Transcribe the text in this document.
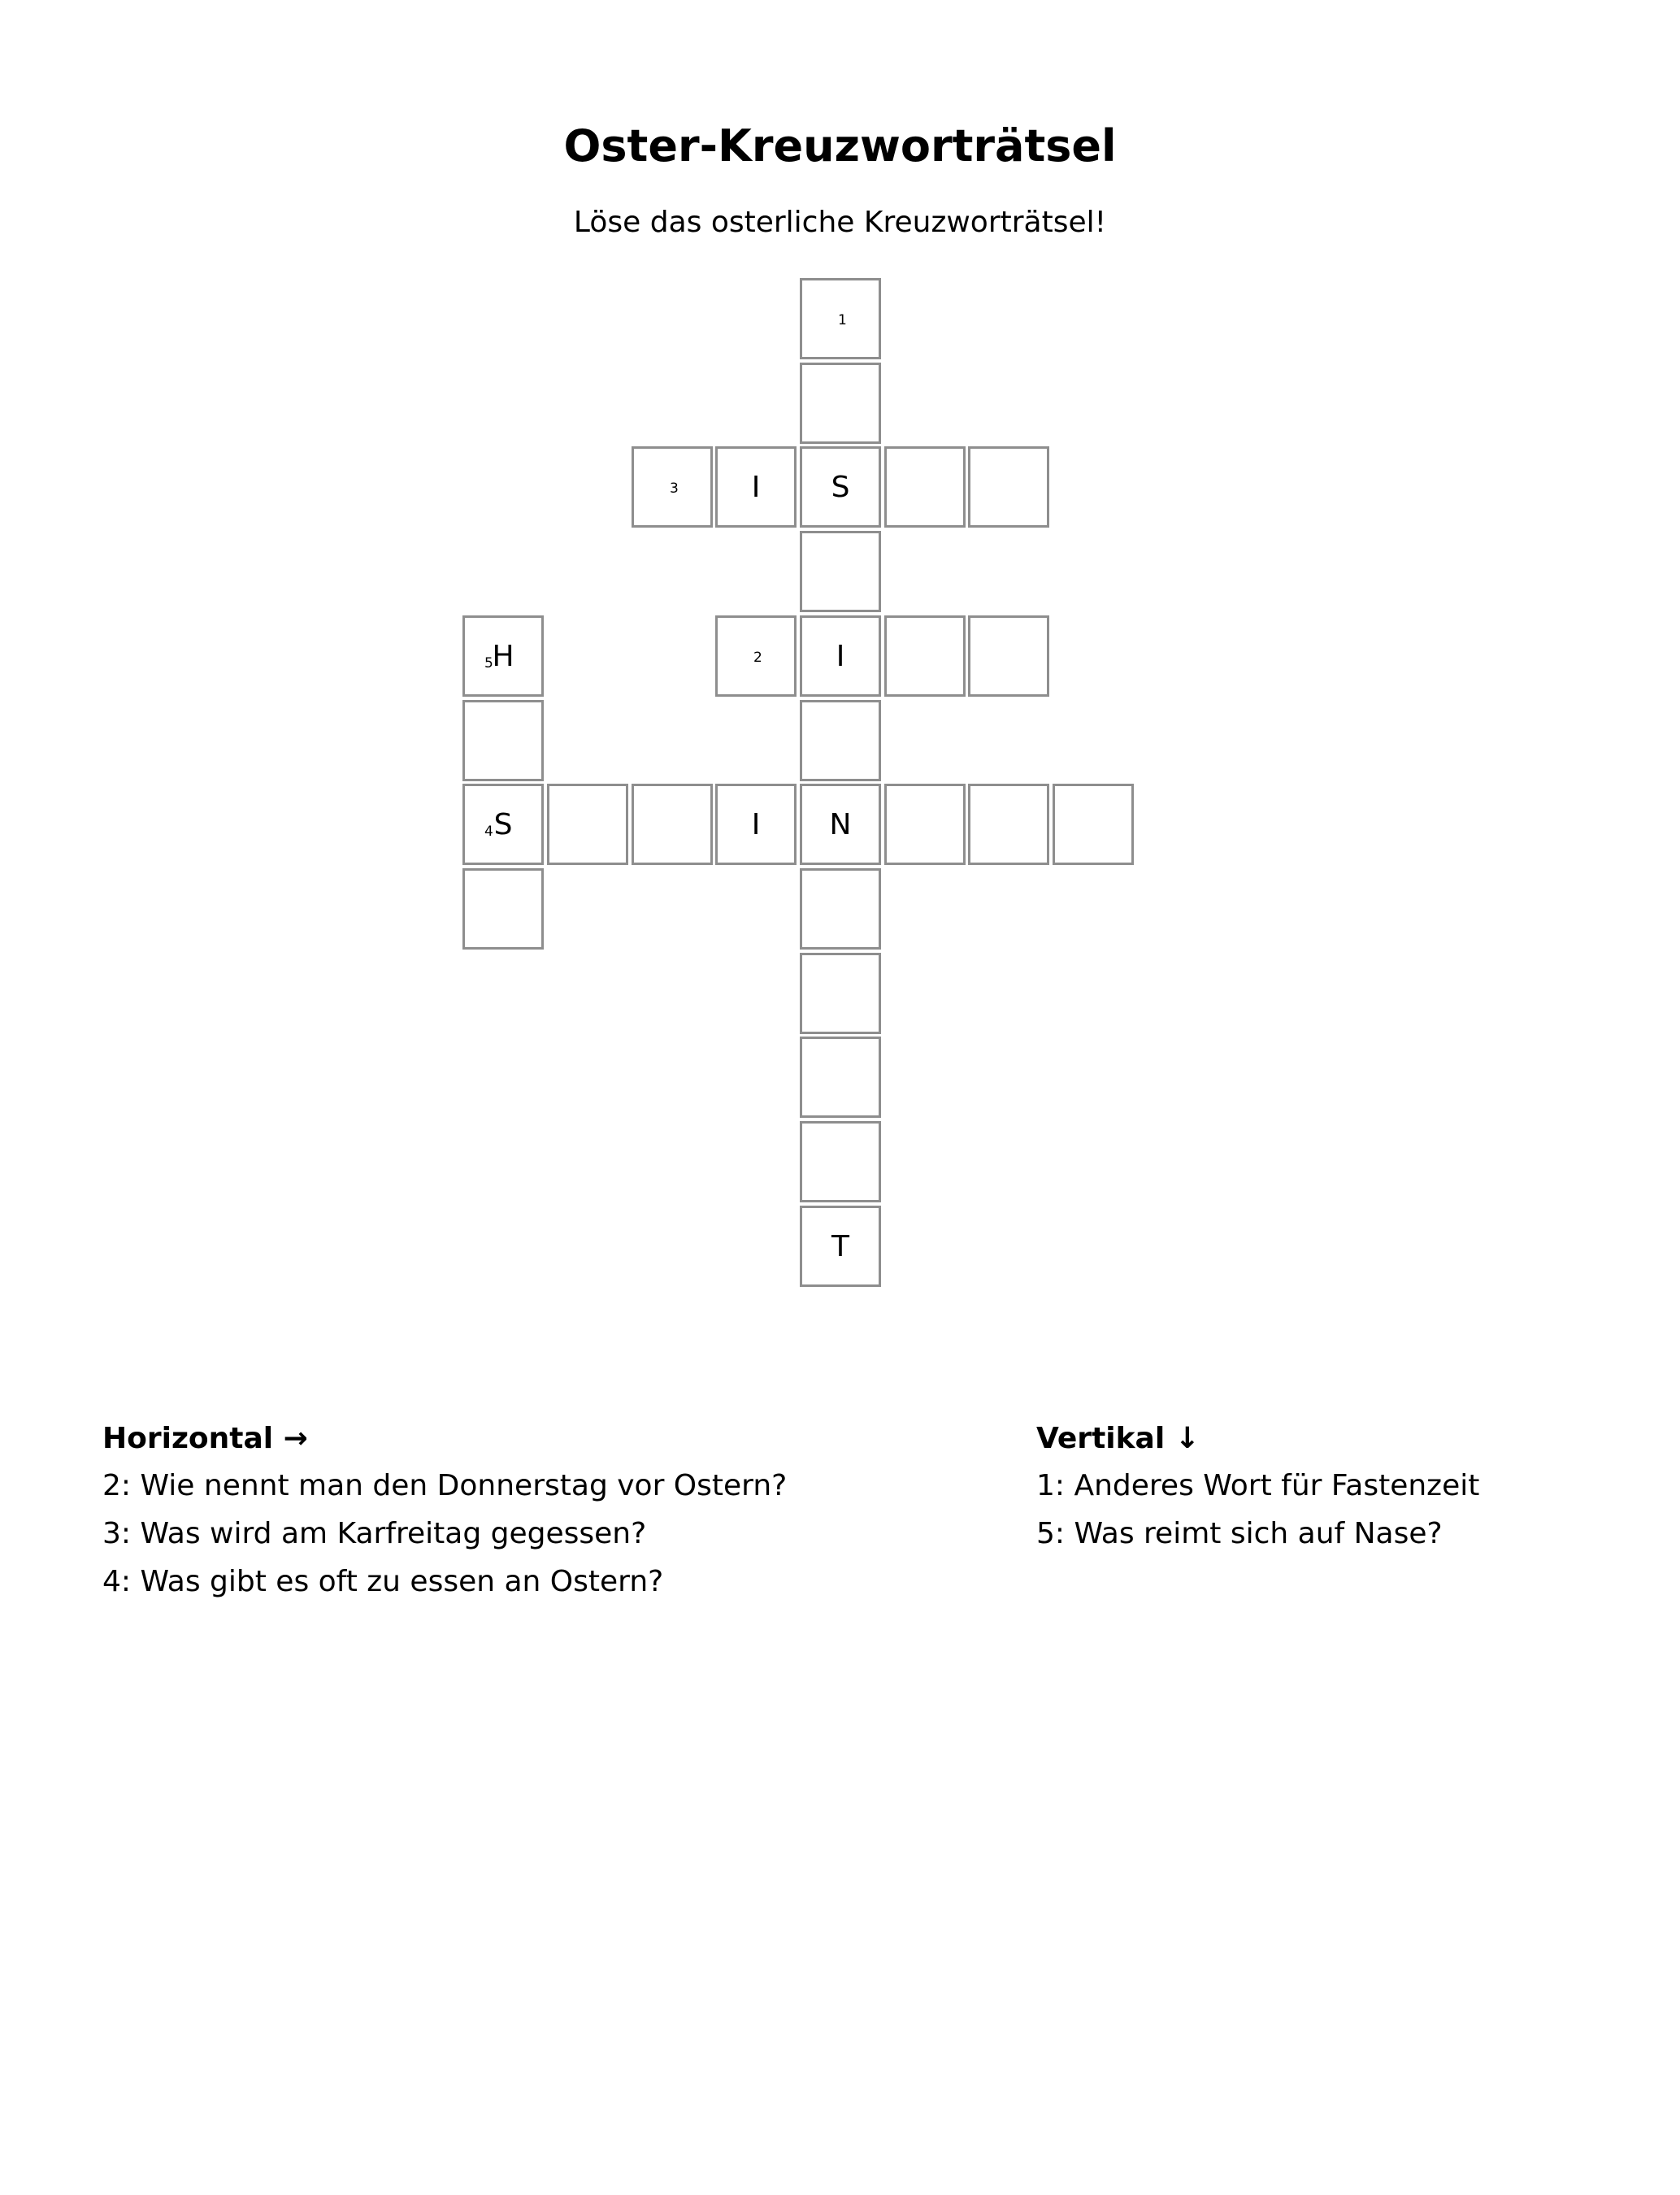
Oster-Kreuzworträtsel
Löse das osterliche Kreuzworträtsel!
1
3	I	S
5
H	2	I
4 S	I	N
T
Horizontal →
2: Wie nennt man den Donnerstag vor Ostern?
3: Was wird am Karfreitag gegessen?
4: Was gibt es oft zu essen an Ostern?
Vertikal ↓
1: Anderes Wort für Fastenzeit
5: Was reimt sich auf Nase?
